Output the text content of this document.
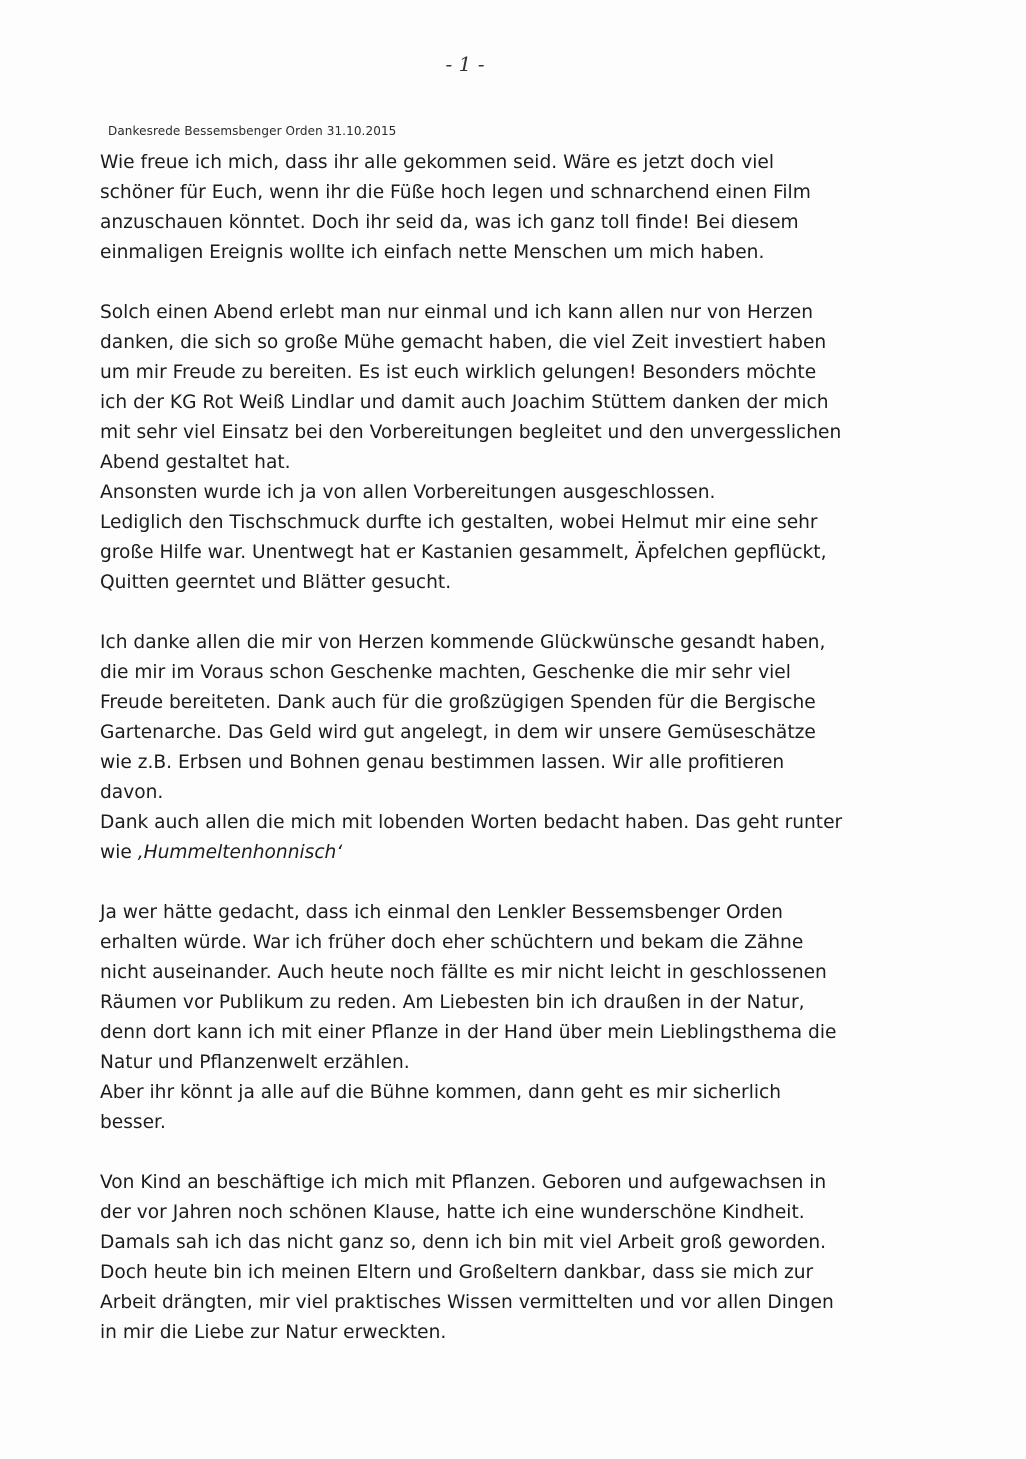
- 1 -
Dankesrede Bessemsbenger Orden 31.10.2015
Wie freue ich mich, dass ihr alle gekommen seid. Wäre es jetzt doch viel
schöner für Euch, wenn ihr die Füße hoch legen und schnarchend einen Film
anzuschauen könntet. Doch ihr seid da, was ich ganz toll finde! Bei diesem
einmaligen Ereignis wollte ich einfach nette Menschen um mich haben.
Solch einen Abend erlebt man nur einmal und ich kann allen nur von Herzen
danken, die sich so große Mühe gemacht haben, die viel Zeit investiert haben
um mir Freude zu bereiten. Es ist euch wirklich gelungen! Besonders möchte
ich der KG Rot Weiß Lindlar und damit auch Joachim Stüttem danken der mich
mit sehr viel Einsatz bei den Vorbereitungen begleitet und den unvergesslichen
Abend gestaltet hat.
Ansonsten wurde ich ja von allen Vorbereitungen ausgeschlossen.
Lediglich den Tischschmuck durfte ich gestalten, wobei Helmut mir eine sehr
große Hilfe war. Unentwegt hat er Kastanien gesammelt, Äpfelchen gepflückt,
Quitten geerntet und Blätter gesucht.
Ich danke allen die mir von Herzen kommende Glückwünsche gesandt haben,
die mir im Voraus schon Geschenke machten, Geschenke die mir sehr viel
Freude bereiteten. Dank auch für die großzügigen Spenden für die Bergische
Gartenarche. Das Geld wird gut angelegt, in dem wir unsere Gemüseschätze
wie z.B. Erbsen und Bohnen genau bestimmen lassen. Wir alle profitieren
davon.
Dank auch allen die mich mit lobenden Worten bedacht haben. Das geht runter
wie ‚Hummeltenhonnisch‘
Ja wer hätte gedacht, dass ich einmal den Lenkler Bessemsbenger Orden
erhalten würde. War ich früher doch eher schüchtern und bekam die Zähne
nicht auseinander. Auch heute noch fällte es mir nicht leicht in geschlossenen
Räumen vor Publikum zu reden. Am Liebesten bin ich draußen in der Natur,
denn dort kann ich mit einer Pflanze in der Hand über mein Lieblingsthema die
Natur und Pflanzenwelt erzählen.
Aber ihr könnt ja alle auf die Bühne kommen, dann geht es mir sicherlich
besser.
Von Kind an beschäftige ich mich mit Pflanzen. Geboren und aufgewachsen in
der vor Jahren noch schönen Klause, hatte ich eine wunderschöne Kindheit.
Damals sah ich das nicht ganz so, denn ich bin mit viel Arbeit groß geworden.
Doch heute bin ich meinen Eltern und Großeltern dankbar, dass sie mich zur
Arbeit drängten, mir viel praktisches Wissen vermittelten und vor allen Dingen
in mir die Liebe zur Natur erweckten.
